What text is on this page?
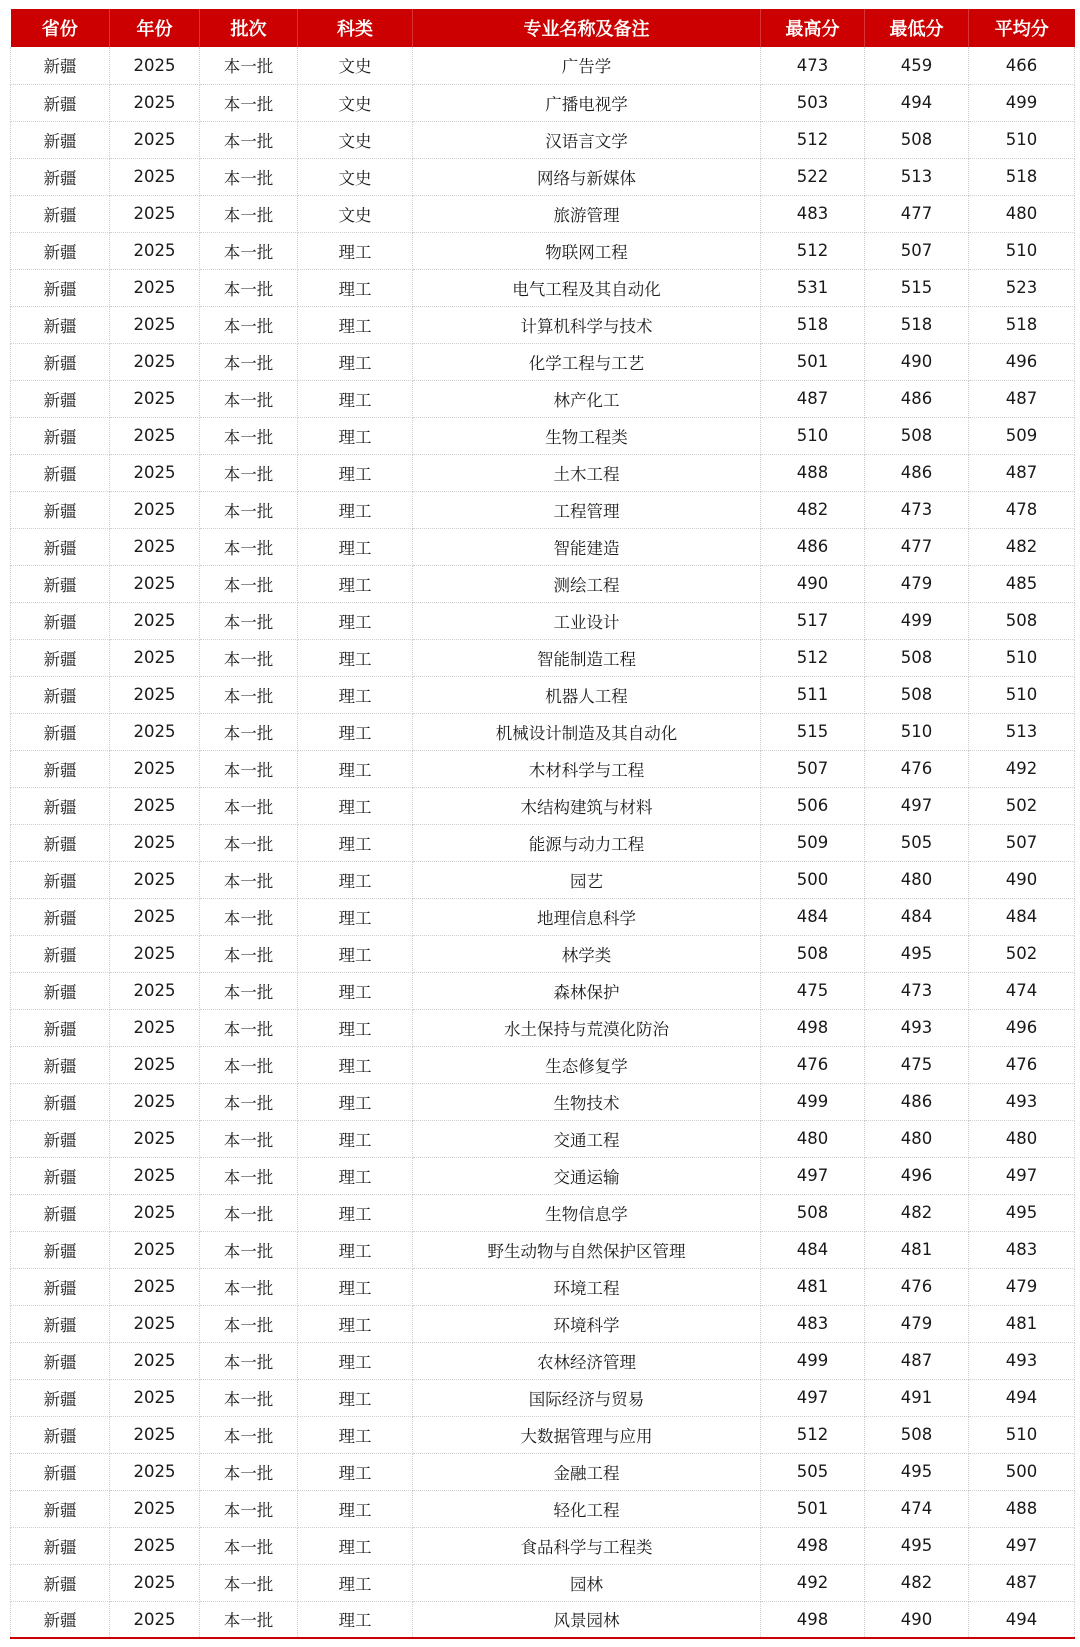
省份	年份	批次	科类	专业名称及备注	最高分	最低分	平均分
新疆	2025	本一批	文史	广告学	473	459	466
新疆	2025	本一批	文史	广播电视学	503	494	499
新疆	2025	本一批	文史	汉语言文学	512	508	510
新疆	2025	本一批	文史	网络与新媒体	522	513	518
新疆	2025	本一批	文史	旅游管理	483	477	480
新疆	2025	本一批	理工	物联网工程	512	507	510
新疆	2025	本一批	理工	电气工程及其自动化	531	515	523
新疆	2025	本一批	理工	计算机科学与技术	518	518	518
新疆	2025	本一批	理工	化学工程与工艺	501	490	496
新疆	2025	本一批	理工	林产化工	487	486	487
新疆	2025	本一批	理工	生物工程类	510	508	509
新疆	2025	本一批	理工	土木工程	488	486	487
新疆	2025	本一批	理工	工程管理	482	473	478
新疆	2025	本一批	理工	智能建造	486	477	482
新疆	2025	本一批	理工	测绘工程	490	479	485
新疆	2025	本一批	理工	工业设计	517	499	508
新疆	2025	本一批	理工	智能制造工程	512	508	510
新疆	2025	本一批	理工	机器人工程	511	508	510
新疆	2025	本一批	理工	机械设计制造及其自动化	515	510	513
新疆	2025	本一批	理工	木材科学与工程	507	476	492
新疆	2025	本一批	理工	木结构建筑与材料	506	497	502
新疆	2025	本一批	理工	能源与动力工程	509	505	507
新疆	2025	本一批	理工	园艺	500	480	490
新疆	2025	本一批	理工	地理信息科学	484	484	484
新疆	2025	本一批	理工	林学类	508	495	502
新疆	2025	本一批	理工	森林保护	475	473	474
新疆	2025	本一批	理工	水土保持与荒漠化防治	498	493	496
新疆	2025	本一批	理工	生态修复学	476	475	476
新疆	2025	本一批	理工	生物技术	499	486	493
新疆	2025	本一批	理工	交通工程	480	480	480
新疆	2025	本一批	理工	交通运输	497	496	497
新疆	2025	本一批	理工	生物信息学	508	482	495
新疆	2025	本一批	理工	野生动物与自然保护区管理	484	481	483
新疆	2025	本一批	理工	环境工程	481	476	479
新疆	2025	本一批	理工	环境科学	483	479	481
新疆	2025	本一批	理工	农林经济管理	499	487	493
新疆	2025	本一批	理工	国际经济与贸易	497	491	494
新疆	2025	本一批	理工	大数据管理与应用	512	508	510
新疆	2025	本一批	理工	金融工程	505	495	500
新疆	2025	本一批	理工	轻化工程	501	474	488
新疆	2025	本一批	理工	食品科学与工程类	498	495	497
新疆	2025	本一批	理工	园林	492	482	487
新疆	2025	本一批	理工	风景园林	498	490	494
